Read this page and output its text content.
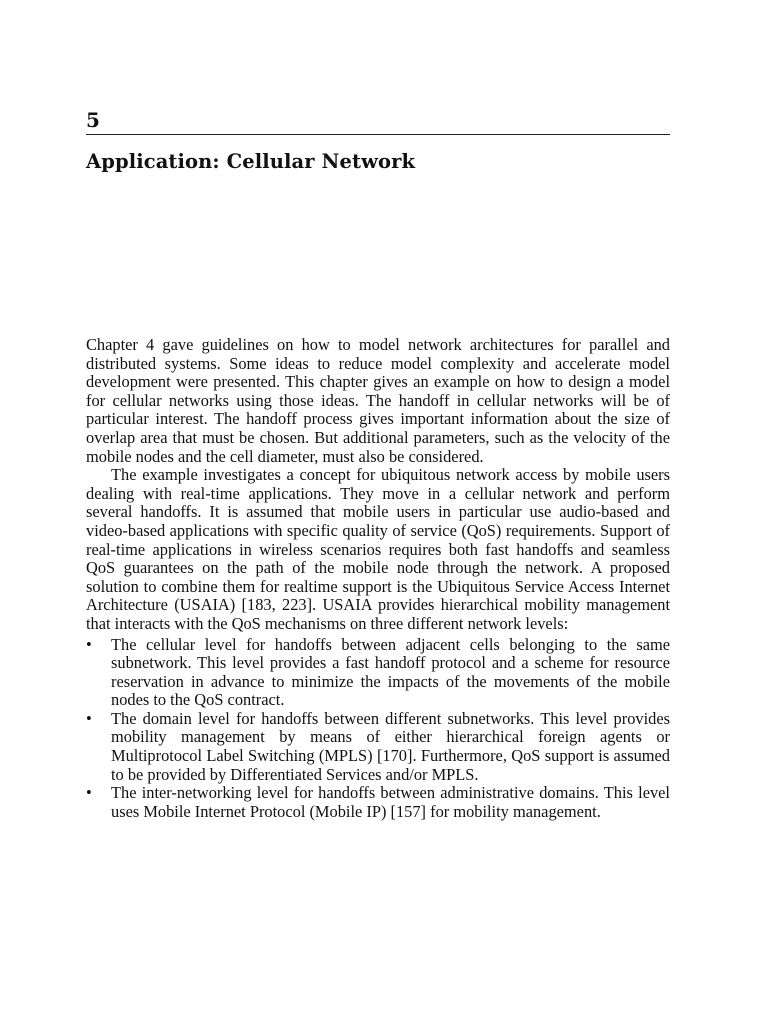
5
Application: Cellular Network

Chapter 4 gave guidelines on how to model network architectures for parallel and distributed systems. Some ideas to reduce model complexity and accelerate model development were presented. This chapter gives an example on how to design a model for cellular networks using those ideas. The handoff in cellular networks will be of particular interest. The handoff process gives important information about the size of overlap area that must be chosen. But additional parameters, such as the velocity of the mobile nodes and the cell diameter, must also be considered.

The example investigates a concept for ubiquitous network access by mobile users dealing with real-time applications. They move in a cellular network and perform several handoffs. It is assumed that mobile users in particular use audio-based and video-based applications with specific quality of service (QoS) requirements. Support of real-time applications in wireless scenarios requires both fast handoffs and seamless QoS guarantees on the path of the mobile node through the network. A proposed solution to combine them for realtime support is the Ubiquitous Service Access Internet Architecture (USAIA) [183, 223]. USAIA provides hierarchical mobility management that interacts with the QoS mechanisms on three different network levels:

• The cellular level for handoffs between adjacent cells belonging to the same subnetwork. This level provides a fast handoff protocol and a scheme for resource reservation in advance to minimize the impacts of the movements of the mobile nodes to the QoS contract.
• The domain level for handoffs between different subnetworks. This level provides mobility management by means of either hierarchical foreign agents or Multiprotocol Label Switching (MPLS) [170]. Furthermore, QoS support is assumed to be provided by Differentiated Services and/or MPLS.
• The inter-networking level for handoffs between administrative domains. This level uses Mobile Internet Protocol (Mobile IP) [157] for mobility management.
